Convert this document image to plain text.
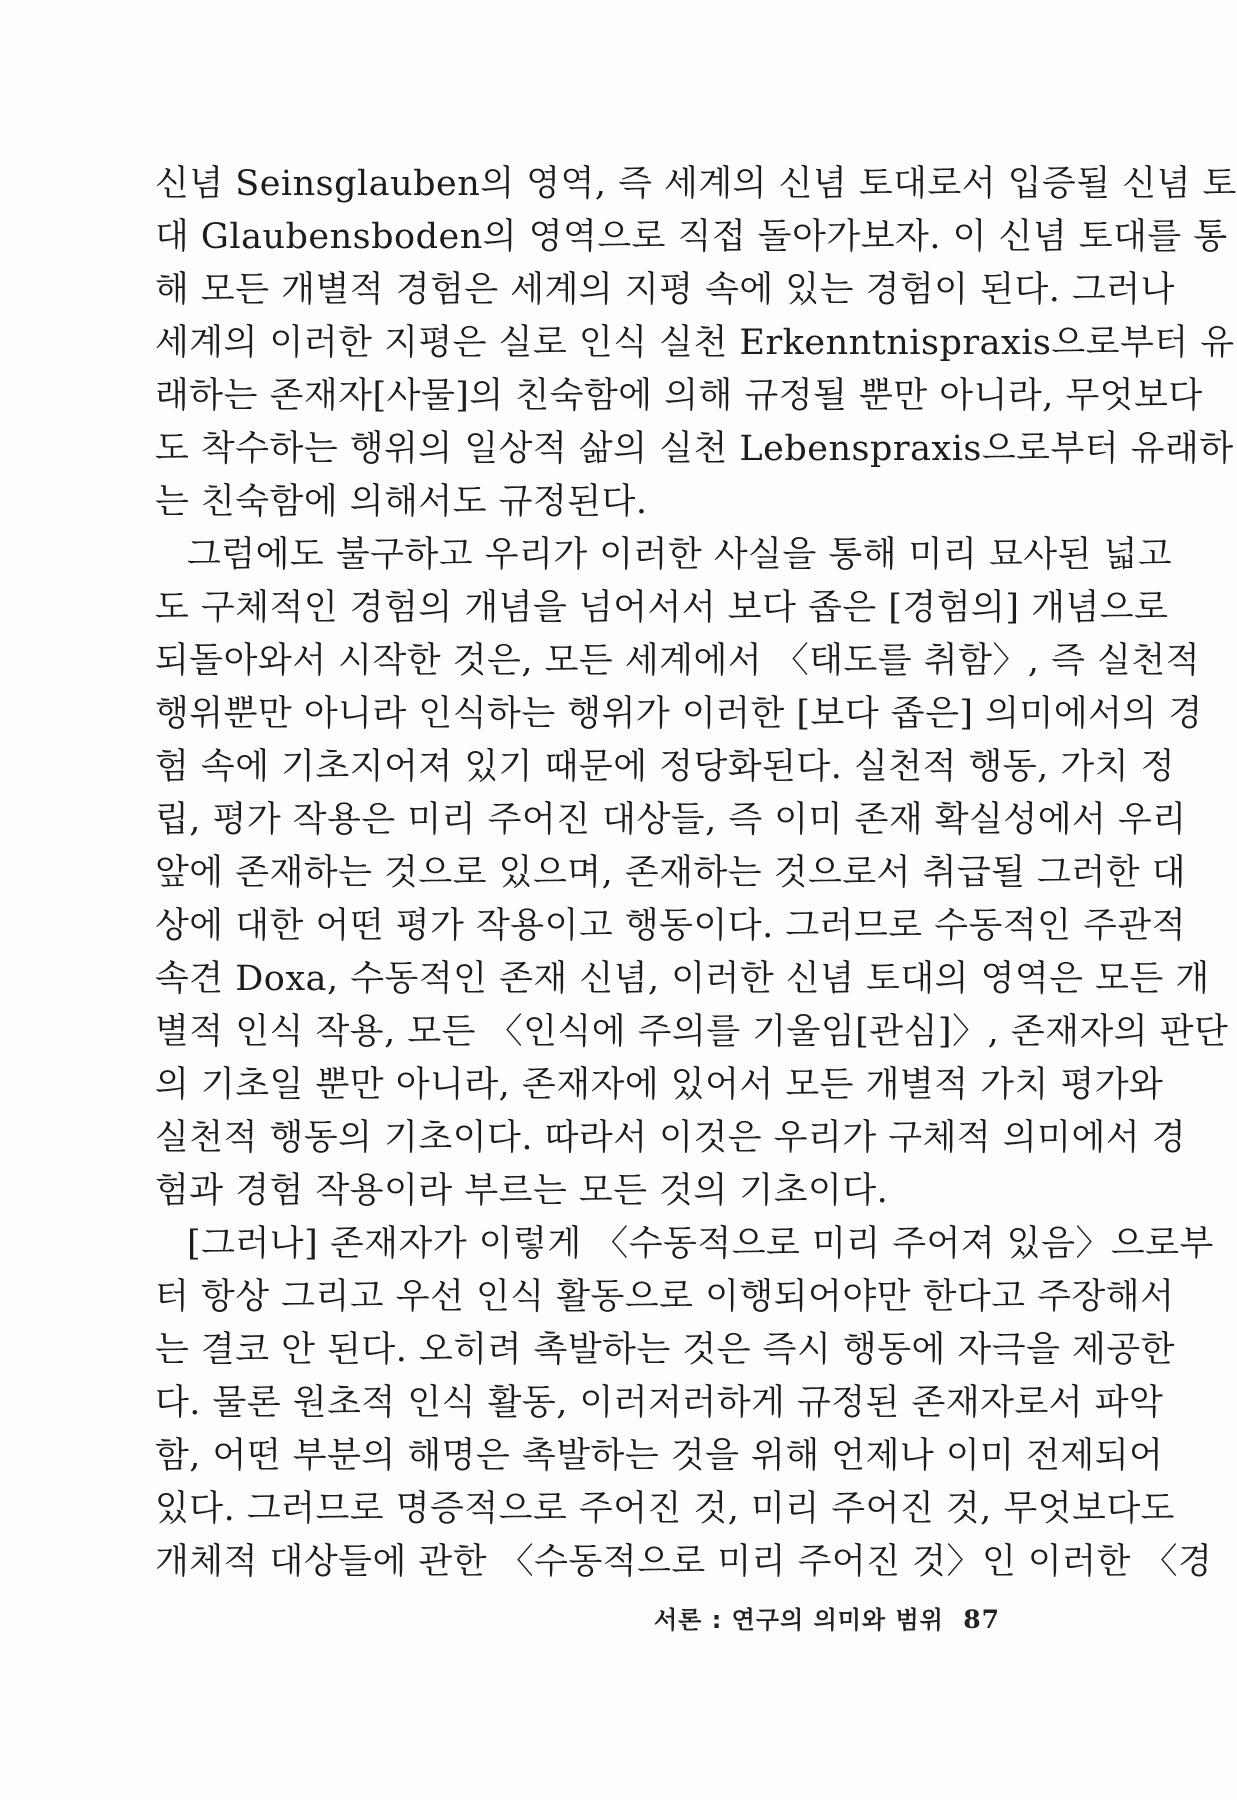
신념 Seinsglauben의 영역, 즉 세계의 신념 토대로서 입증될 신념 토
대 Glaubensboden의 영역으로 직접 돌아가보자. 이 신념 토대를 통
해 모든 개별적 경험은 세계의 지평 속에 있는 경험이 된다. 그러나
세계의 이러한 지평은 실로 인식 실천 Erkenntnispraxis으로부터 유
래하는 존재자[사물]의 친숙함에 의해 규정될 뿐만 아니라, 무엇보다
도 착수하는 행위의 일상적 삶의 실천 Lebenspraxis으로부터 유래하
는 친숙함에 의해서도 규정된다.
그럼에도 불구하고 우리가 이러한 사실을 통해 미리 묘사된 넓고
도 구체적인 경험의 개념을 넘어서서 보다 좁은 [경험의] 개념으로
되돌아와서 시작한 것은, 모든 세계에서 〈태도를 취함〉, 즉 실천적
행위뿐만 아니라 인식하는 행위가 이러한 [보다 좁은] 의미에서의 경
험 속에 기초지어져 있기 때문에 정당화된다. 실천적 행동, 가치 정
립, 평가 작용은 미리 주어진 대상들, 즉 이미 존재 확실성에서 우리
앞에 존재하는 것으로 있으며, 존재하는 것으로서 취급될 그러한 대
상에 대한 어떤 평가 작용이고 행동이다. 그러므로 수동적인 주관적
속견 Doxa, 수동적인 존재 신념, 이러한 신념 토대의 영역은 모든 개
별적 인식 작용, 모든 〈인식에 주의를 기울임[관심]〉, 존재자의 판단
의 기초일 뿐만 아니라, 존재자에 있어서 모든 개별적 가치 평가와
실천적 행동의 기초이다. 따라서 이것은 우리가 구체적 의미에서 경
험과 경험 작용이라 부르는 모든 것의 기초이다.
[그러나] 존재자가 이렇게 〈수동적으로 미리 주어져 있음〉으로부
터 항상 그리고 우선 인식 활동으로 이행되어야만 한다고 주장해서
는 결코 안 된다. 오히려 촉발하는 것은 즉시 행동에 자극을 제공한
다. 물론 원초적 인식 활동, 이러저러하게 규정된 존재자로서 파악
함, 어떤 부분의 해명은 촉발하는 것을 위해 언제나 이미 전제되어
있다. 그러므로 명증적으로 주어진 것, 미리 주어진 것, 무엇보다도
개체적 대상들에 관한 〈수동적으로 미리 주어진 것〉인 이러한 〈경
서론 : 연구의 의미와 범위 87
